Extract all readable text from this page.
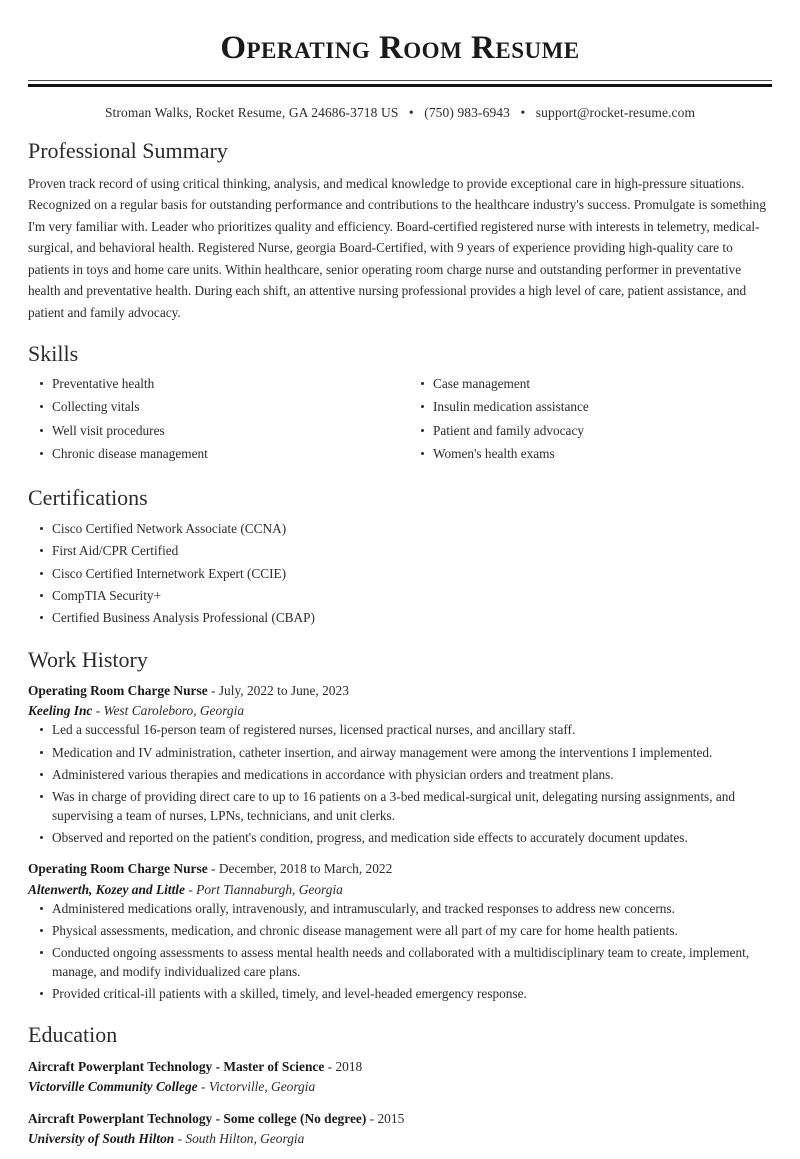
Operating Room Resume
Stroman Walks, Rocket Resume, GA 24686-3718 US • (750) 983-6943 • support@rocket-resume.com
Professional Summary

Proven track record of using critical thinking, analysis, and medical knowledge to provide exceptional care in high-pressure situations. Recognized on a regular basis for outstanding performance and contributions to the healthcare industry's success. Promulgate is something I'm very familiar with. Leader who prioritizes quality and efficiency. Board-certified registered nurse with interests in telemetry, medical-surgical, and behavioral health. Registered Nurse, georgia Board-Certified, with 9 years of experience providing high-quality care to patients in toys and home care units. Within healthcare, senior operating room charge nurse and outstanding performer in preventative health and preventative health. During each shift, an attentive nursing professional provides a high level of care, patient assistance, and patient and family advocacy.

Skills
Preventative health
Collecting vitals
Well visit procedures
Chronic disease management
Case management
Insulin medication assistance
Patient and family advocacy
Women's health exams
Certifications
Cisco Certified Network Associate (CCNA)
First Aid/CPR Certified
Cisco Certified Internetwork Expert (CCIE)
CompTIA Security+
Certified Business Analysis Professional (CBAP)
Work History
Operating Room Charge Nurse - July, 2022 to June, 2023
Keeling Inc - West Caroleboro, Georgia
Led a successful 16-person team of registered nurses, licensed practical nurses, and ancillary staff.
Medication and IV administration, catheter insertion, and airway management were among the interventions I implemented.
Administered various therapies and medications in accordance with physician orders and treatment plans.
Was in charge of providing direct care to up to 16 patients on a 3-bed medical-surgical unit, delegating nursing assignments, and supervising a team of nurses, LPNs, technicians, and unit clerks.
Observed and reported on the patient's condition, progress, and medication side effects to accurately document updates.
Operating Room Charge Nurse - December, 2018 to March, 2022
Altenwerth, Kozey and Little - Port Tiannaburgh, Georgia
Administered medications orally, intravenously, and intramuscularly, and tracked responses to address new concerns.
Physical assessments, medication, and chronic disease management were all part of my care for home health patients.
Conducted ongoing assessments to assess mental health needs and collaborated with a multidisciplinary team to create, implement, manage, and modify individualized care plans.
Provided critical-ill patients with a skilled, timely, and level-headed emergency response.
Education
Aircraft Powerplant Technology - Master of Science - 2018
Victorville Community College - Victorville, Georgia
Aircraft Powerplant Technology - Some college (No degree) - 2015
University of South Hilton - South Hilton, Georgia
